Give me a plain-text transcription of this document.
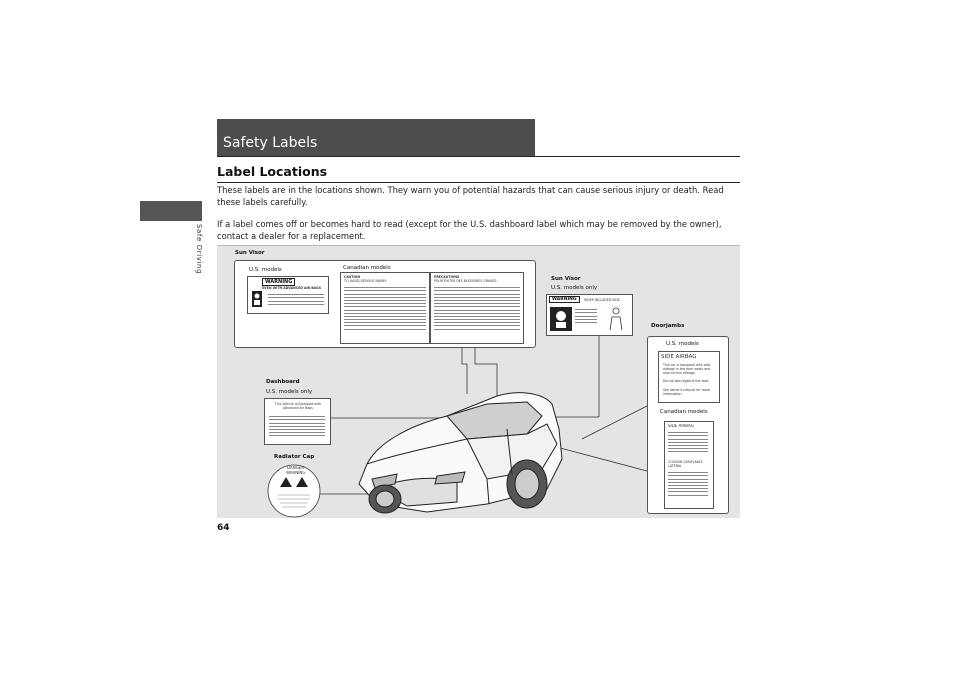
Safety Labels
Label Locations
These labels are in the locations shown. They warn you of potential hazards that can cause serious injury or death. Read these labels carefully.
If a label comes off or becomes hard to read (except for the U.S. dashboard label which may be removed by the owner), contact a dealer for a replacement.
Safe Driving
64
Sun Visor
U.S. models	Canadian models
WARNING
EVEN WITH ADVANCED AIR BAGS
CAUTION
TO AVOID SERIOUS INJURY:
PRÉCAUTIONS
POUR ÉVITER DES BLESSURES GRAVES:	Sun Visor
U.S. models only
WARNING	RIDER INCLUDED SIDE
Doorjambs
U.S. models
SIDE AIRBAG
This car is equipped with side airbags in the front seats and side curtain airbags.
Do not lean against the door.
See owner's manual for more information.
Canadian models
SIDE AIRBAG
COUSSIN GONFLABLE LATÉRAL
Dashboard
U.S. models only
This Vehicle is Equipped with
Advanced Air Bags
Radiator Cap
DANGER
WARNING
